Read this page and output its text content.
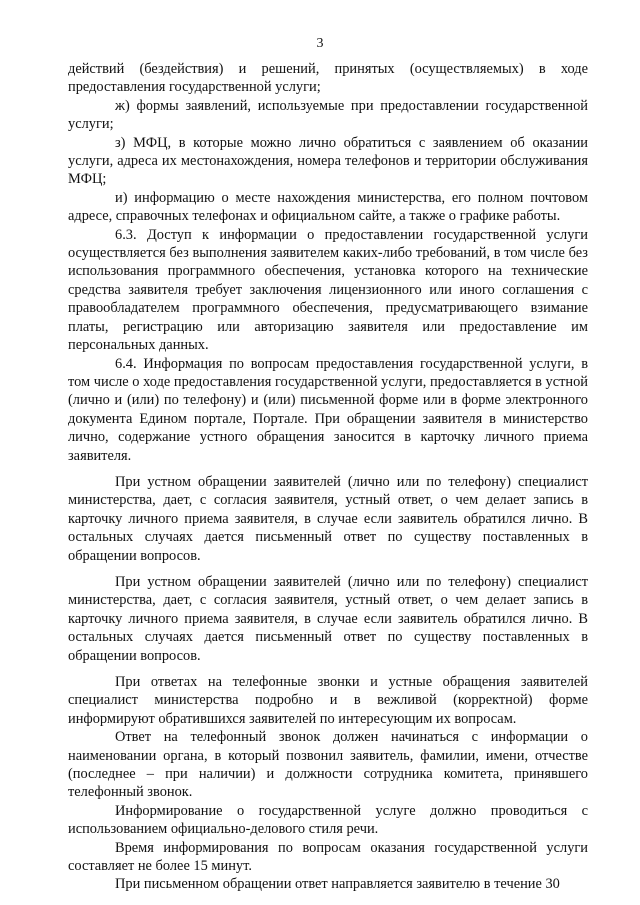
3

действий (бездействия) и решений, принятых (осуществляемых) в ходе предоставления государственной услуги;

ж) формы заявлений, используемые при предоставлении государственной услуги;

з) МФЦ, в которые можно лично обратиться с заявлением об оказании услуги, адреса их местонахождения, номера телефонов и территории обслуживания МФЦ;

и) информацию о месте нахождения министерства, его полном почтовом адресе, справочных телефонах и официальном сайте, а также о графике работы.

6.3. Доступ к информации о предоставлении государственной услуги осуществляется без выполнения заявителем каких-либо требований, в том числе без использования программного обеспечения, установка которого на технические средства заявителя требует заключения лицензионного или иного соглашения с правообладателем программного обеспечения, предусматривающего взимание платы, регистрацию или авторизацию заявителя или предоставление им персональных данных.

6.4. Информация по вопросам предоставления государственной услуги, в том числе о ходе предоставления государственной услуги, предоставляется в устной (лично и (или) по телефону) и (или) письменной форме или в форме электронного документа Едином портале, Портале. При обращении заявителя в министерство лично, содержание устного обращения заносится в карточку личного приема заявителя.

При устном обращении заявителей (лично или по телефону) специалист министерства, дает, с согласия заявителя, устный ответ, о чем делает запись в карточку личного приема заявителя, в случае если заявитель обратился лично. В остальных случаях дается письменный ответ по существу поставленных в обращении вопросов.

При устном обращении заявителей (лично или по телефону) специалист министерства, дает, с согласия заявителя, устный ответ, о чем делает запись в карточку личного приема заявителя, в случае если заявитель обратился лично. В остальных случаях дается письменный ответ по существу поставленных в обращении вопросов.

При ответах на телефонные звонки и устные обращения заявителей специалист министерства подробно и в вежливой (корректной) форме информируют обратившихся заявителей по интересующим их вопросам.

Ответ на телефонный звонок должен начинаться с информации о наименовании органа, в который позвонил заявитель, фамилии, имени, отчестве (последнее – при наличии) и должности сотрудника комитета, принявшего телефонный звонок.

Информирование о государственной услуге должно проводиться с использованием официально-делового стиля речи.

Время информирования по вопросам оказания государственной услуги составляет не более 15 минут.

При письменном обращении ответ направляется заявителю в течение 30
